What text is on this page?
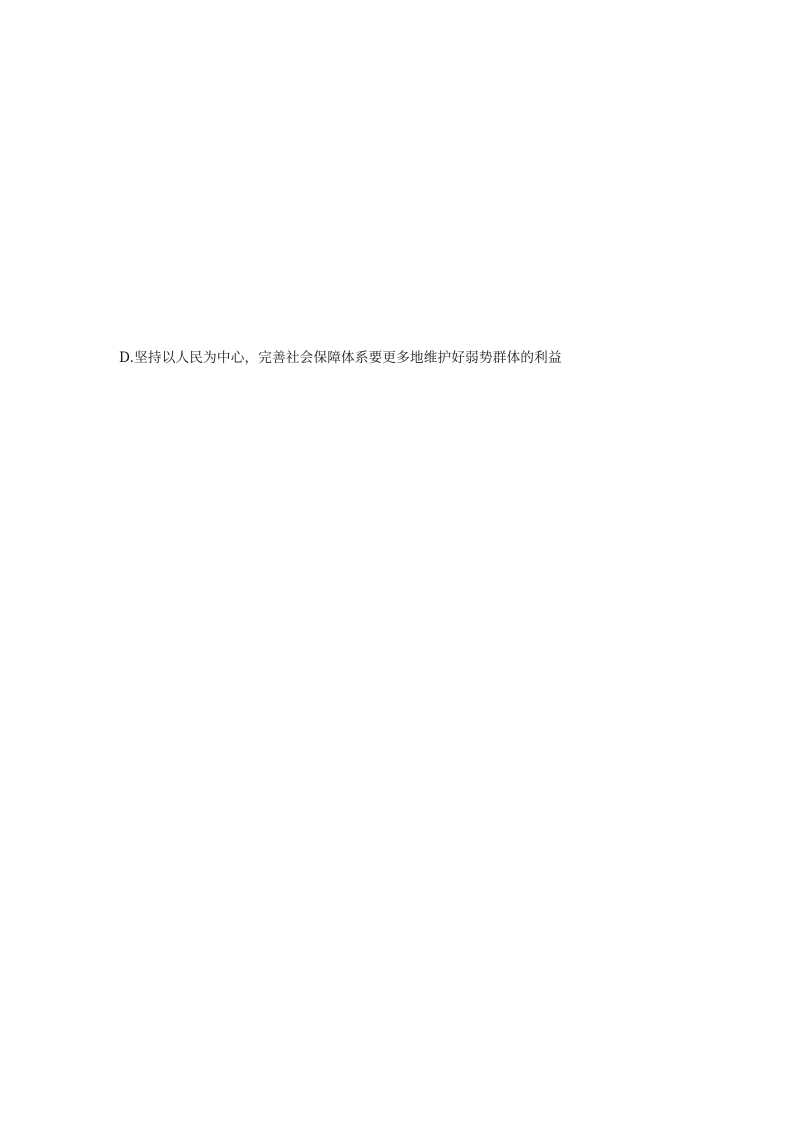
D.坚持以人民为中心，完善社会保障体系要更多地维护好弱势群体的利益
